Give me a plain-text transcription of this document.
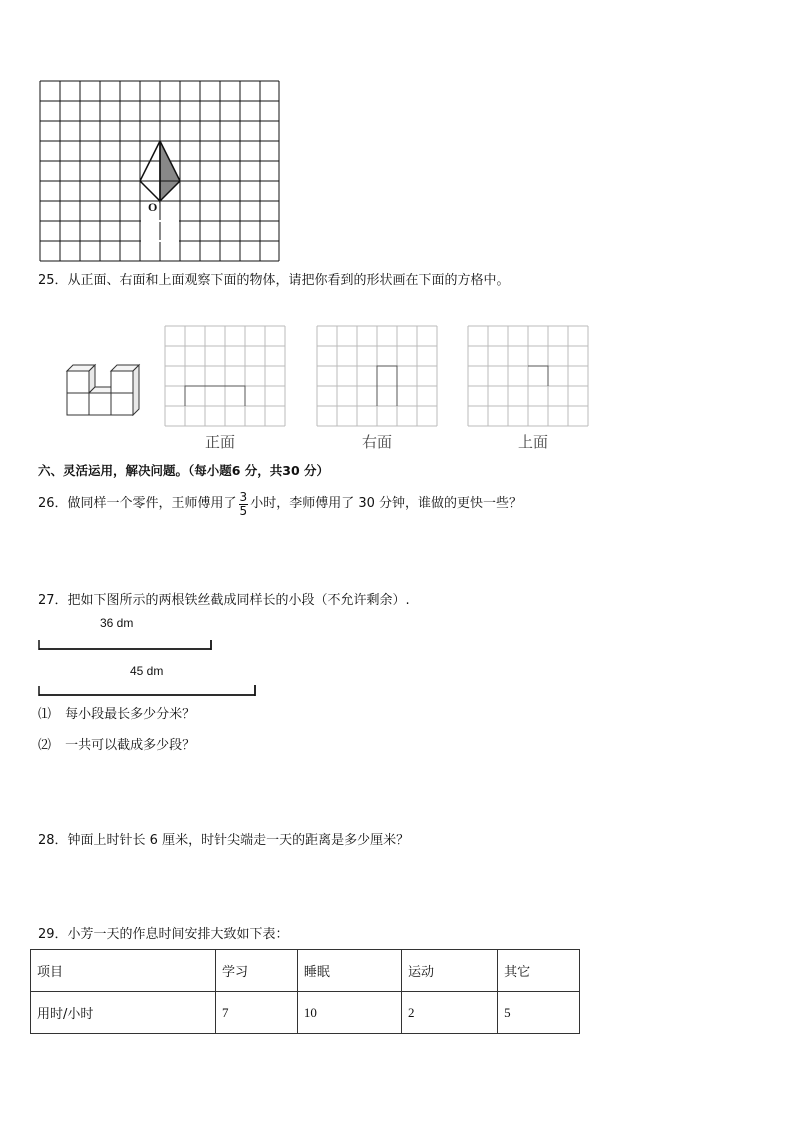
O
25．从正面、右面和上面观察下面的物体，请把你看到的形状画在下面的方格中。
正面	右面	上面
六、灵活运用，解决问题。（每小题6 分，共30 分）
26．做同样一个零件，王师傅用了 $\frac{3}{5}$ 小时，李师傅用了 30 分钟，谁做的更快一些？
27．把如下图所示的两根铁丝截成同样长的小段（不允许剩余）.
36 dm
45 dm
⑴ 每小段最长多少分米？
⑵ 一共可以截成多少段？
28．钟面上时针长 6 厘米，时针尖端走一天的距离是多少厘米？
29．小芳一天的作息时间安排大致如下表：
项目	学习	睡眠	运动	其它
用时/小时	7	10	2	5
